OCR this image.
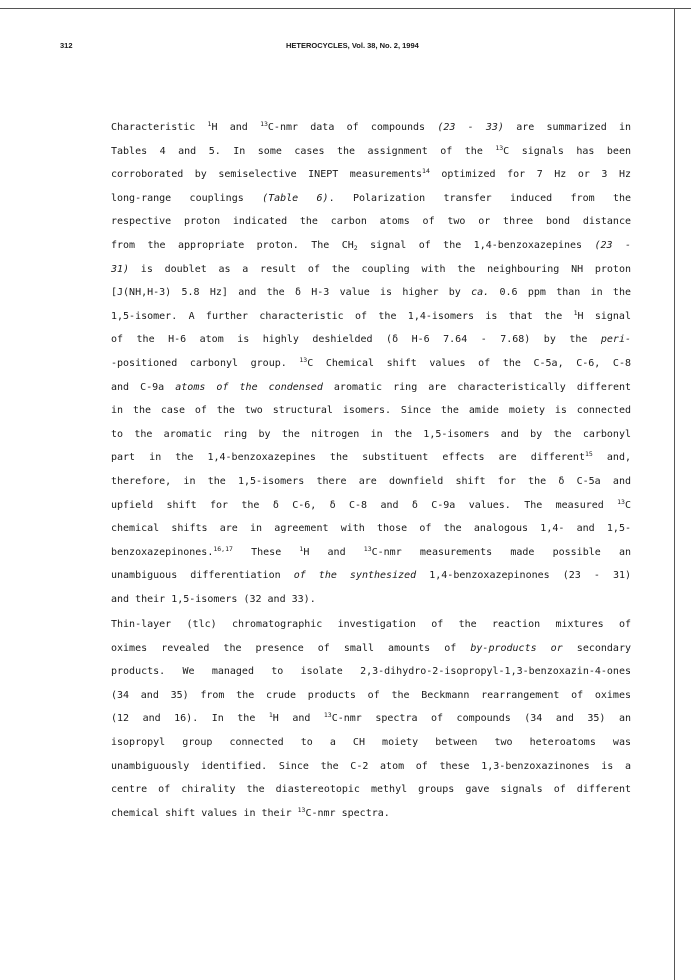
312	HETEROCYCLES, Vol. 38, No. 2, 1994
Characteristic $^1$H and $^{13}$C-nmr data of compounds (23 - 33) are summarized in
Tables 4 and 5. In some cases the assignment of the $^{13}$C signals has been
corroborated by semiselective INEPT measurements$^{14}$ optimized for 7 Hz or 3 Hz
long-range couplings (Table 6). Polarization transfer induced from the
respective proton indicated the carbon atoms of two or three bond distance
from the appropriate proton. The $CH_2$ signal of the 1,4-benzoxazepines (23 -
31) is doublet as a result of the coupling with the neighbouring NH proton
[J(NH,H-3) 5.8 Hz] and the δ H-3 value is higher by ca. 0.6 ppm than in the
1,5-isomer. A further characteristic of the 1,4-isomers is that the $^1$H signal
of the H-6 atom is highly deshielded (δ H-6 7.64 - 7.68) by the peri-
-positioned carbonyl group. $^{13}$C Chemical shift values of the C-5a, C-6, C-8
and C-9a atoms of the condensed aromatic ring are characteristically different
in the case of the two structural isomers. Since the amide moiety is connected
to the aromatic ring by the nitrogen in the 1,5-isomers and by the carbonyl
part in the 1,4-benzoxazepines the substituent effects are different$^{15}$ and,
therefore, in the 1,5-isomers there are downfield shift for the δ C-5a and
upfield shift for the δ C-6, δ C-8 and δ C-9a values. The measured $^{13}$C
chemical shifts are in agreement with those of the analogous 1,4- and 1,5-
benzoxazepinones.$^{16,17}$ These $^1$H and $^{13}$C-nmr measurements made possible an
unambiguous differentiation of the synthesized 1,4-benzoxazepinones (23 - 31)
and their 1,5-isomers (32 and 33).
Thin-layer (tlc) chromatographic investigation of the reaction mixtures of
oximes revealed the presence of small amounts of by-products or secondary
products. We managed to isolate 2,3-dihydro-2-isopropyl-1,3-benzoxazin-4-ones
(34 and 35) from the crude products of the Beckmann rearrangement of oximes
(12 and 16). In the $^1$H and $^{13}$C-nmr spectra of compounds (34 and 35) an
isopropyl group connected to a CH moiety between two heteroatoms was
unambiguously identified. Since the C-2 atom of these 1,3-benzoxazinones is a
centre of chirality the diastereotopic methyl groups gave signals of different
chemical shift values in their $^{13}$C-nmr spectra.
